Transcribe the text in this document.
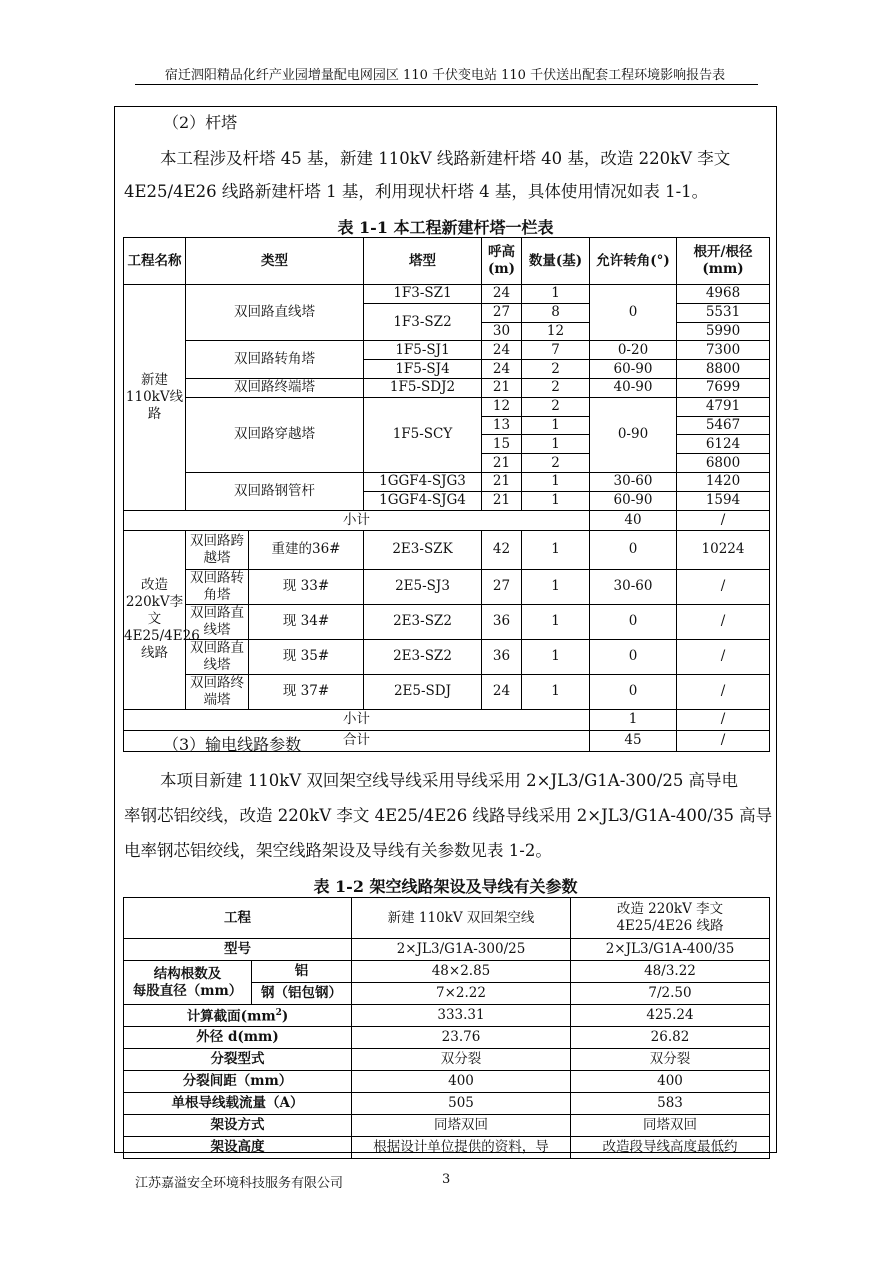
宿迁泗阳精品化纤产业园增量配电网园区 110 千伏变电站 110 千伏送出配套工程环境影响报告表
（2）杆塔

本工程涉及杆塔 45 基，新建 110kV 线路新建杆塔 40 基，改造 220kV 李文

4E25/4E26 线路新建杆塔 1 基，利用现状杆塔 4 基，具体使用情况如表 1-1。

表 1-1 本工程新建杆塔一栏表
工程名称	类型		塔型	呼高(m)	数量(基)	允许转角(°)	根开/根径(mm)	
新建110kV线路	双回路直线塔		1F3-SZ1	24	1	0	4968	
			1F3-SZ2	27	8		5531	
				30	12		5990	
	双回路转角塔		1F5-SJ1	24	7	0-20	7300	
			1F5-SJ4	24	2	60-90	8800	
	双回路终端塔		1F5-SDJ2	21	2	40-90	7699	
	双回路穿越塔		1F5-SCY	12	2	0-90	4791	
				13	1		5467	
				15	1		6124	
				21	2		6800	
	双回路钢管杆		1GGF4-SJG3	21	1	30-60	1420	
			1GGF4-SJG4	21	1	60-90	1594	
小计						40	/	
改造220kV李文4E25/4E26线路	双回路跨越塔	重建的36#	2E3-SZK	42	1	0	10224	
	双回路转角塔	现 33#	2E5-SJ3	27	1	30-60	/	
	双回路直线塔	现 34#	2E3-SZ2	36	1	0	/	
	双回路直线塔	现 35#	2E3-SZ2	36	1	0	/	
	双回路终端塔	现 37#	2E5-SDJ	24	1	0	/	
小计						1	/	
合计						45	/	
（3）输电线路参数

本项目新建 110kV 双回架空线导线采用导线采用 2×JL3/G1A-300/25 高导电

率钢芯铝绞线，改造 220kV 李文 4E25/4E26 线路导线采用 2×JL3/G1A-400/35 高导

电率钢芯铝绞线，架空线路架设及导线有关参数见表 1-2。

表 1-2 架空线路架设及导线有关参数
工程		新建 110kV 双回架空线	改造 220kV 李文
4E25/4E26 线路
型号		2×JL3/G1A-300/25	2×JL3/G1A-400/35
结构根数及
每股直径（mm）	铝	48×2.85	48/3.22
	钢（铝包钢）	7×2.22	7/2.50
计算截面$(mm^2)$		333.31	425.24
外径 d(mm)		23.76	26.82
分裂型式		双分裂	双分裂
分裂间距（mm）		400	400
单根导线载流量（A）		505	583
架设方式		同塔双回	同塔双回
架设高度		根据设计单位提供的资料，导	改造段导线高度最低约
江苏嘉溢安全环境科技服务有限公司	3
